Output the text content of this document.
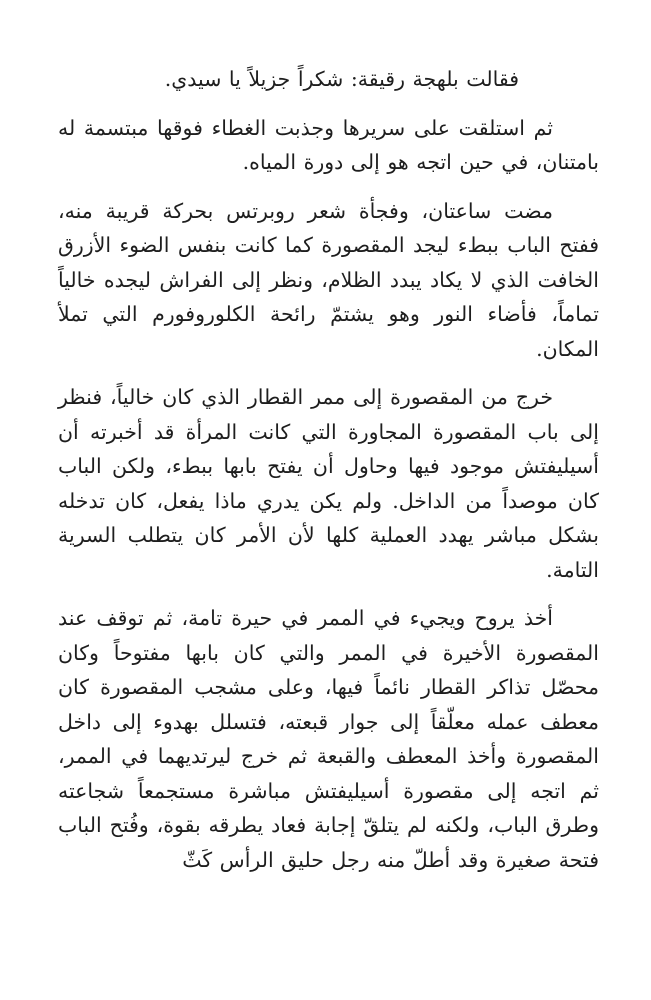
فقالت بلهجة رقيقة: شكراً جزيلاً يا سيدي.

ثم استلقت على سريرها وجذبت الغطاء فوقها مبتسمة له بامتنان، في حين اتجه هو إلى دورة المياه.

مضت ساعتان، وفجأة شعر روبرتس بحركة قريبة منه، ففتح الباب ببطء ليجد المقصورة كما كانت بنفس الضوء الأزرق الخافت الذي لا يكاد يبدد الظلام، ونظر إلى الفراش ليجده خالياً تماماً، فأضاء النور وهو يشتمّ رائحة الكلوروفورم التي تملأ المكان.

خرج من المقصورة إلى ممر القطار الذي كان خالياً، فنظر إلى باب المقصورة المجاورة التي كانت المرأة قد أخبرته أن أسيليفتش موجود فيها وحاول أن يفتح بابها ببطء، ولكن الباب كان موصداً من الداخل. ولم يكن يدري ماذا يفعل، كان تدخله بشكل مباشر يهدد العملية كلها لأن الأمر كان يتطلب السرية التامة.

أخذ يروح ويجيء في الممر في حيرة تامة، ثم توقف عند المقصورة الأخيرة في الممر والتي كان بابها مفتوحاً وكان محصّل تذاكر القطار نائماً فيها، وعلى مشجب المقصورة كان معطف عمله معلّقاً إلى جوار قبعته، فتسلل بهدوء إلى داخل المقصورة وأخذ المعطف والقبعة ثم خرج ليرتديهما في الممر، ثم اتجه إلى مقصورة أسيليفتش مباشرة مستجمعاً شجاعته وطرق الباب، ولكنه لم يتلقّ إجابة فعاد يطرقه بقوة، وفُتح الباب فتحة صغيرة وقد أطلّ منه رجل حليق الرأس كَثّ
